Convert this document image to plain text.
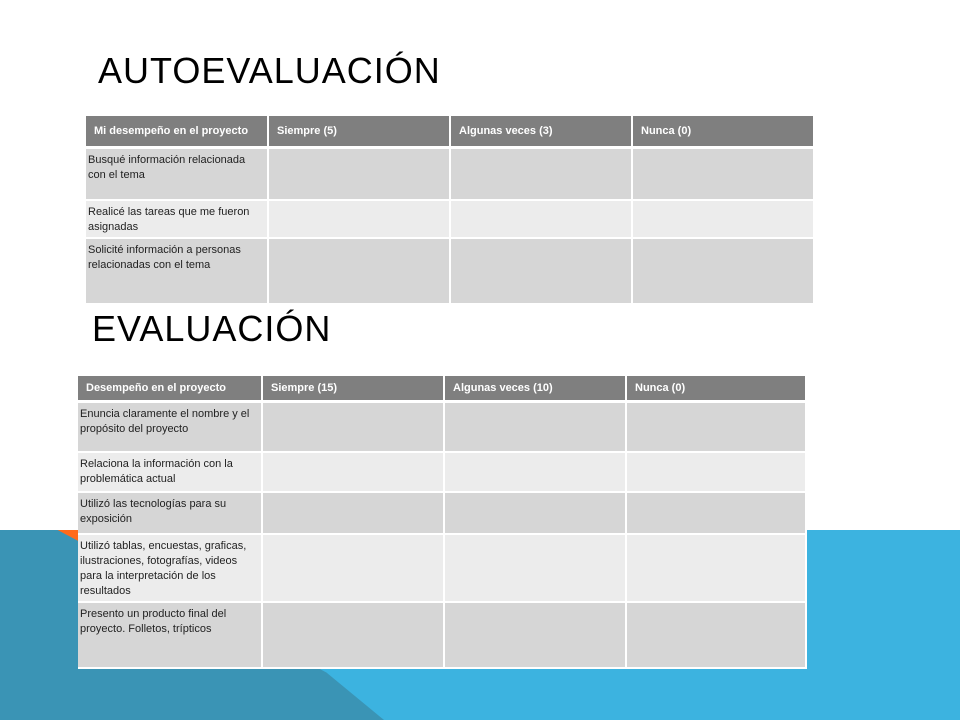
AUTOEVALUACIÓN
Mi desempeño en el proyecto	Siempre (5)	Algunas veces (3)	Nunca (0)
Busqué información relacionada con el tema			
Realicé las tareas que me fueron asignadas			
Solicité información a personas relacionadas con el tema			
EVALUACIÓN
Desempeño en el proyecto	Siempre (15)	Algunas veces (10)	Nunca (0)
Enuncia claramente el nombre y el propósito del proyecto			
Relaciona la información con la problemática actual			
Utilizó las tecnologías para su exposición			
Utilizó tablas, encuestas, graficas, ilustraciones, fotografías, videos para la interpretación de los resultados			
Presento un producto final del proyecto. Folletos, trípticos			
